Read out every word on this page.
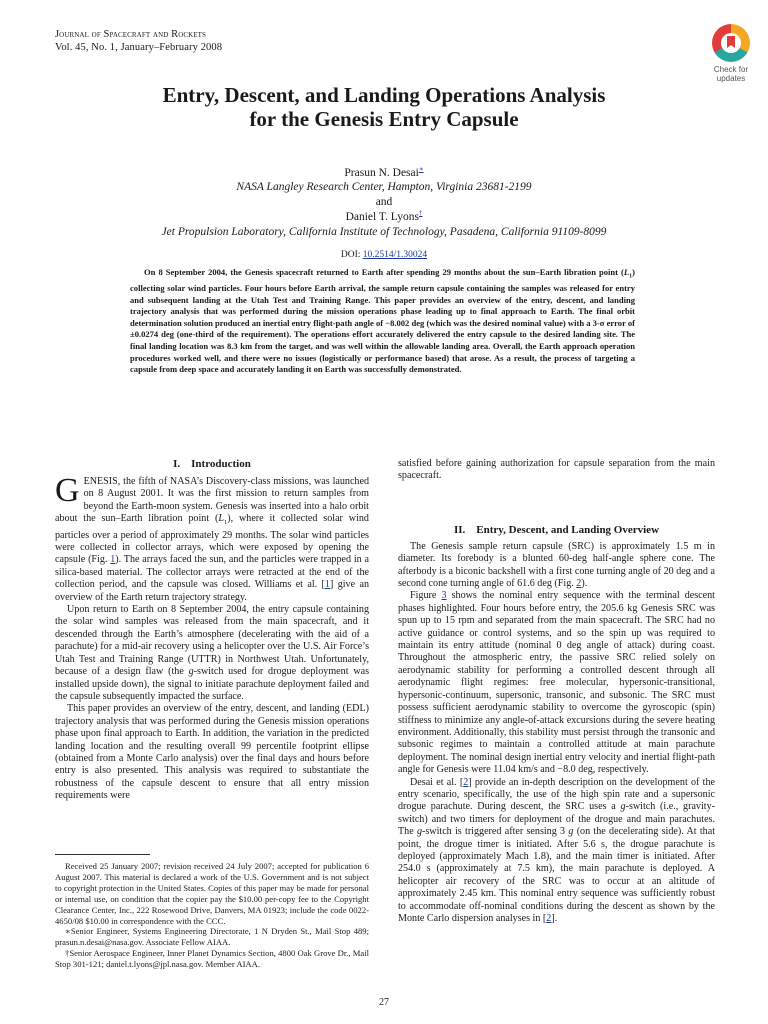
Journal of Spacecraft and Rockets
Vol. 45, No. 1, January–February 2008
Check for
updates
Entry, Descent, and Landing Operations Analysis
for the Genesis Entry Capsule
Prasun N. Desai∗
NASA Langley Research Center, Hampton, Virginia 23681-2199
and
Daniel T. Lyons†
Jet Propulsion Laboratory, California Institute of Technology, Pasadena, California 91109-8099
DOI: 10.2514/1.30024
On 8 September 2004, the Genesis spacecraft returned to Earth after spending 29 months about the sun–Earth libration point $(L_1)$ collecting solar wind particles. Four hours before Earth arrival, the sample return capsule containing the samples was released for entry and subsequent landing at the Utah Test and Training Range. This paper provides an overview of the entry, descent, and landing trajectory analysis that was performed during the mission operations phase leading up to final approach to Earth. The final orbit determination solution produced an inertial entry flight-path angle of −8.002 deg (which was the desired nominal value) with a 3-σ error of ±0.0274 deg (one-third of the requirement). The operations effort accurately delivered the entry capsule to the desired landing site. The final landing location was 8.3 km from the target, and was well within the allowable landing area. Overall, the Earth approach operation procedures worked well, and there were no issues (logistically or performance based) that arose. As a result, the process of targeting a capsule from deep space and accurately landing it on Earth was successfully demonstrated.
I. Introduction

GENESIS, the fifth of NASA’s Discovery-class missions, was launched on 8 August 2001. It was the first mission to return samples from beyond the Earth-moon system. Genesis was inserted into a halo orbit about the sun–Earth libration point $(L_1)$, where it collected solar wind particles over a period of approximately 29 months. The solar wind particles were collected in collector arrays, which were exposed by opening the capsule (Fig. 1). The arrays faced the sun, and the particles were trapped in a silica-based material. The collector arrays were retracted at the end of the collection period, and the capsule was closed. Williams et al. [1] give an overview of the Earth return trajectory strategy.

Upon return to Earth on 8 September 2004, the entry capsule containing the solar wind samples was released from the main spacecraft, and it descended through the Earth’s atmosphere (decelerating with the aid of a parachute) for a mid-air recovery using a helicopter over the U.S. Air Force’s Utah Test and Training Range (UTTR) in Northwest Utah. Unfortunately, because of a design flaw (the g-switch used for drogue deployment was installed upside down), the signal to initiate parachute deployment failed and the capsule subsequently impacted the surface.

This paper provides an overview of the entry, descent, and landing (EDL) trajectory analysis that was performed during the Genesis mission operations phase upon final approach to Earth. In addition, the variation in the predicted landing location and the resulting overall 99 percentile footprint ellipse (obtained from a Monte Carlo analysis) over the final days and hours before entry is also presented. This analysis was required to substantiate the robustness of the capsule descent to ensure that all entry mission requirements were

Received 25 January 2007; revision received 24 July 2007; accepted for publication 6 August 2007. This material is declared a work of the U.S. Government and is not subject to copyright protection in the United States. Copies of this paper may be made for personal or internal use, on condition that the copier pay the $10.00 per-copy fee to the Copyright Clearance Center, Inc., 222 Rosewood Drive, Danvers, MA 01923; include the code 0022-4650/08 $10.00 in correspondence with the CCC.

∗Senior Engineer, Systems Engineering Directorate, 1 N Dryden St., Mail Stop 489; prasun.n.desai@nasa.gov. Associate Fellow AIAA.

†Senior Aerospace Engineer, Inner Planet Dynamics Section, 4800 Oak Grove Dr., Mail Stop 301-121; daniel.t.lyons@jpl.nasa.gov. Member AIAA.

satisfied before gaining authorization for capsule separation from the main spacecraft.

II. Entry, Descent, and Landing Overview

The Genesis sample return capsule (SRC) is approximately 1.5 m in diameter. Its forebody is a blunted 60-deg half-angle sphere cone. The afterbody is a biconic backshell with a first cone turning angle of 20 deg and a second cone turning angle of 61.6 deg (Fig. 2).

Figure 3 shows the nominal entry sequence with the terminal descent phases highlighted. Four hours before entry, the 205.6 kg Genesis SRC was spun up to 15 rpm and separated from the main spacecraft. The SRC had no active guidance or control systems, and so the spin up was required to maintain its entry attitude (nominal 0 deg angle of attack) during coast. Throughout the atmospheric entry, the passive SRC relied solely on aerodynamic stability for performing a controlled descent through all aerodynamic flight regimes: free molecular, hypersonic-transitional, hypersonic-continuum, supersonic, transonic, and subsonic. The SRC must possess sufficient aerodynamic stability to overcome the gyroscopic (spin) stiffness to minimize any angle-of-attack excursions during the severe heating environment. Additionally, this stability must persist through the transonic and subsonic regimes to maintain a controlled attitude at main parachute deployment. The nominal design inertial entry velocity and inertial flight-path angle for Genesis were 11.04 km/s and −8.0 deg, respectively.

Desai et al. [2] provide an in-depth description on the development of the entry scenario, specifically, the use of the high spin rate and a supersonic drogue parachute. During descent, the SRC uses a g-switch (i.e., gravity-switch) and two timers for deployment of the drogue and main parachutes. The g-switch is triggered after sensing 3 g (on the decelerating side). At that point, the drogue timer is initiated. After 5.6 s, the drogue parachute is deployed (approximately Mach 1.8), and the main timer is initiated. After 254.0 s (approximately at 7.5 km), the main parachute is deployed. A helicopter air recovery of the SRC was to occur at an altitude of approximately 2.45 km. This nominal entry sequence was sufficiently robust to accommodate off-nominal conditions during the descent as shown by the Monte Carlo dispersion analyses in [2].

27
